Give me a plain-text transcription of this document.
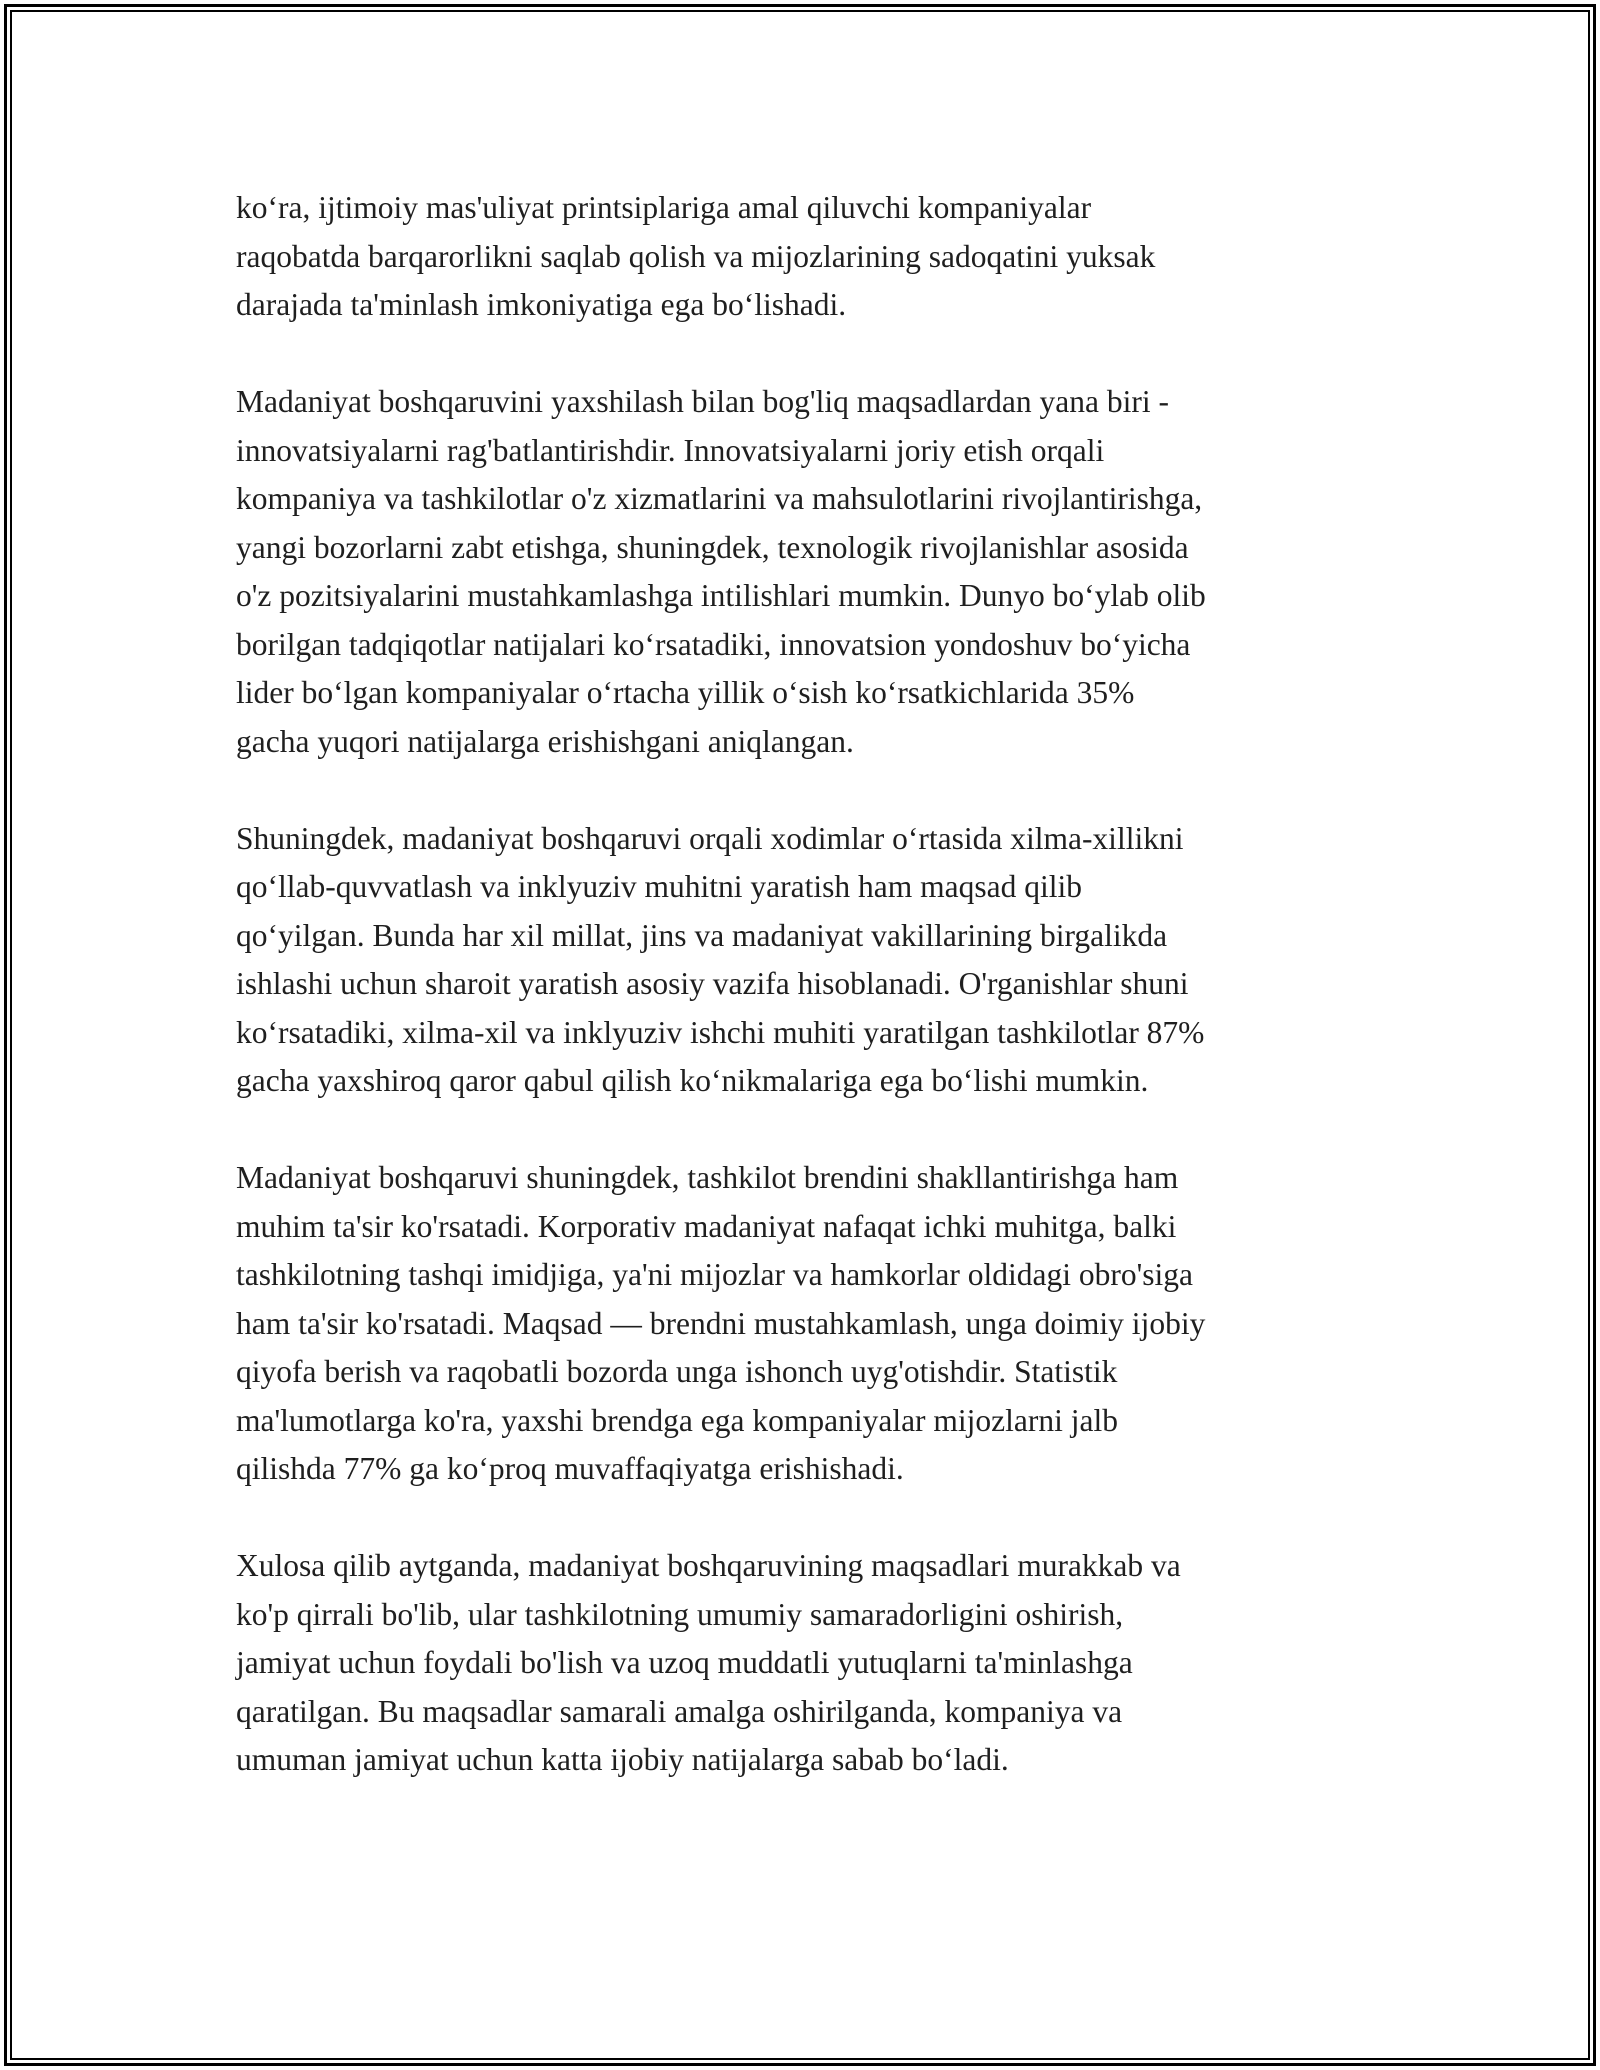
ko‘ra, ijtimoiy mas'uliyat printsiplariga amal qiluvchi kompaniyalar
raqobatda barqarorlikni saqlab qolish va mijozlarining sadoqatini yuksak
darajada ta'minlash imkoniyatiga ega bo‘lishadi.

Madaniyat boshqaruvini yaxshilash bilan bog'liq maqsadlardan yana biri -
innovatsiyalarni rag'batlantirishdir. Innovatsiyalarni joriy etish orqali
kompaniya va tashkilotlar o'z xizmatlarini va mahsulotlarini rivojlantirishga,
yangi bozorlarni zabt etishga, shuningdek, texnologik rivojlanishlar asosida
o'z pozitsiyalarini mustahkamlashga intilishlari mumkin. Dunyo bo‘ylab olib
borilgan tadqiqotlar natijalari ko‘rsatadiki, innovatsion yondoshuv bo‘yicha
lider bo‘lgan kompaniyalar o‘rtacha yillik o‘sish ko‘rsatkichlarida 35%
gacha yuqori natijalarga erishishgani aniqlangan.

Shuningdek, madaniyat boshqaruvi orqali xodimlar o‘rtasida xilma-xillikni
qo‘llab-quvvatlash va inklyuziv muhitni yaratish ham maqsad qilib
qo‘yilgan. Bunda har xil millat, jins va madaniyat vakillarining birgalikda
ishlashi uchun sharoit yaratish asosiy vazifa hisoblanadi. O'rganishlar shuni
ko‘rsatadiki, xilma-xil va inklyuziv ishchi muhiti yaratilgan tashkilotlar 87%
gacha yaxshiroq qaror qabul qilish ko‘nikmalariga ega bo‘lishi mumkin.

Madaniyat boshqaruvi shuningdek, tashkilot brendini shakllantirishga ham
muhim ta'sir ko'rsatadi. Korporativ madaniyat nafaqat ichki muhitga, balki
tashkilotning tashqi imidjiga, ya'ni mijozlar va hamkorlar oldidagi obro'siga
ham ta'sir ko'rsatadi. Maqsad — brendni mustahkamlash, unga doimiy ijobiy
qiyofa berish va raqobatli bozorda unga ishonch uyg'otishdir. Statistik
ma'lumotlarga ko'ra, yaxshi brendga ega kompaniyalar mijozlarni jalb
qilishda 77% ga ko‘proq muvaffaqiyatga erishishadi.

Xulosa qilib aytganda, madaniyat boshqaruvining maqsadlari murakkab va
ko'p qirrali bo'lib, ular tashkilotning umumiy samaradorligini oshirish,
jamiyat uchun foydali bo'lish va uzoq muddatli yutuqlarni ta'minlashga
qaratilgan. Bu maqsadlar samarali amalga oshirilganda, kompaniya va
umuman jamiyat uchun katta ijobiy natijalarga sabab bo‘ladi.
